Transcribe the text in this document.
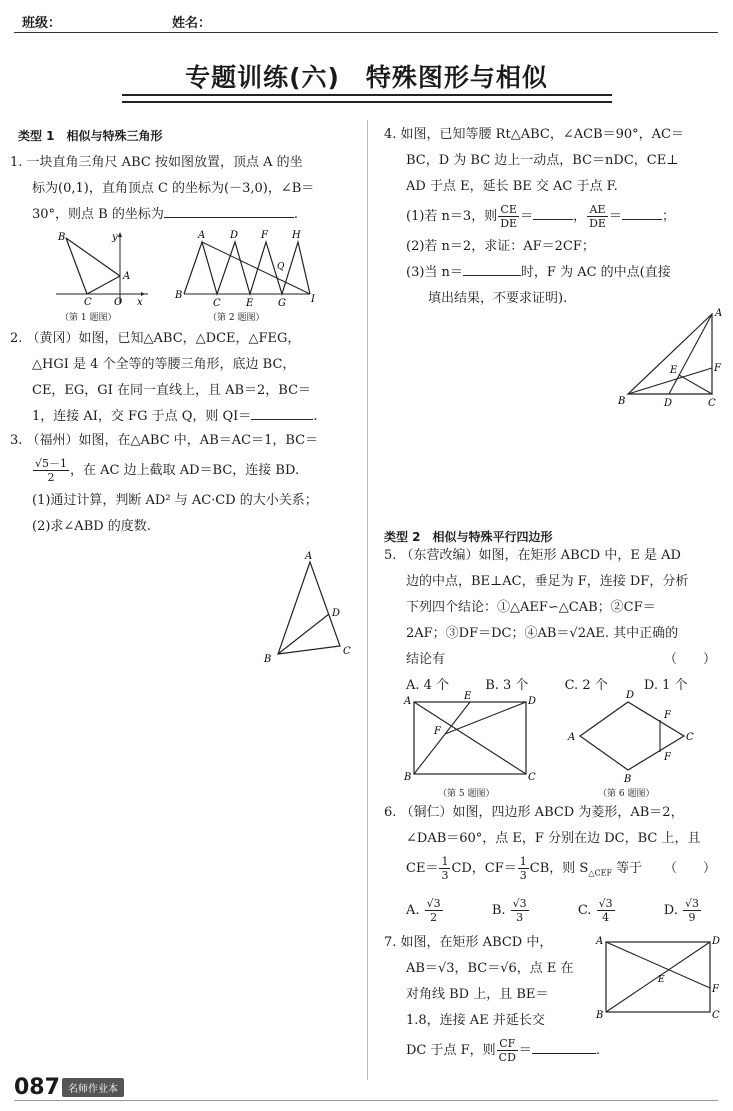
班级：	姓名：
专题训练(六)　特殊图形与相似
类型 1　相似与特殊三角形
1. 一块直角三角尺 ABC 按如图放置，顶点 A 的坐
标为(0,1)，直角顶点 C 的坐标为(－3,0)，∠B＝
30°，则点 B 的坐标为	.
B	y
A
C O x
（第 1 题图）
A D F H
Q
B
C	E G	I
（第 2 题图）
2. （黄冈）如图，已知△ABC，△DCE，△FEG，
△HGI 是 4 个全等的等腰三角形，底边 BC，
CE，EG，GI 在同一直线上，且 AB＝2，BC＝
1，连接 AI，交 FG 于点 Q，则 QI＝	.
3. （福州）如图，在△ABC 中，AB＝AC＝1，BC＝
$\frac{√5-1}{2}$ ，在 AC 边上截取 AD＝BC，连接 BD.
(1)通过计算，判断 AD² 与 AC·CD 的大小关系；
(2)求∠ABD 的度数.
A
D
B
C
4. 如图，已知等腰 Rt△ABC，∠ACB＝90°，AC＝
BC，D 为 BC 边上一动点，BC＝nDC，CE⊥
AD 于点 E，延长 BE 交 AC 于点 F.
(1)若 n＝3，则 $\frac{CE}{DE}$ ＝	， $\frac{AE}{DE}$ ＝	；
(2)若 n＝2，求证：AF＝2CF；
(3)当 n＝	时，F 为 AC 的中点(直接
填出结果，不要求证明).
A
F
E
B	D	C
类型 2　相似与特殊平行四边形
5. （东营改编）如图，在矩形 ABCD 中，E 是 AD
边的中点，BE⊥AC，垂足为 F，连接 DF，分析
下列四个结论：①△AEF∽△CAB；②CF＝
2AF；③DF＝DC；④AB＝√2AE. 其中正确的
结论有	（　　）
A. 4 个	B. 3 个	C. 2 个	D. 1 个
A	E	D
F
B	C
（第 5 题图）
A
D
F
C
F
B
（第 6 题图）
6. （铜仁）如图，四边形 ABCD 为菱形，AB＝2，
∠DAB＝60°，点 E，F 分别在边 DC，BC 上，且
$CE= \frac{1}{3}$ CD，$CF= \frac{1}{3}$ CB，则 $S_{\triangle CEF}$ 等于 （　　）
A. $\frac{√3}{2}$	B. $\frac{√3}{3}$	C. $\frac{√3}{4}$	D. $\frac{√3}{9}$
7. 如图，在矩形 ABCD 中，
AB＝√3，BC＝√6，点 E 在
对角线 BD 上，且 BE＝
1.8，连接 AE 并延长交
DC 于点 F，则 $\frac{CF}{CD}$ ＝	.
A	D
E
F
B	C
087 名师作业本
